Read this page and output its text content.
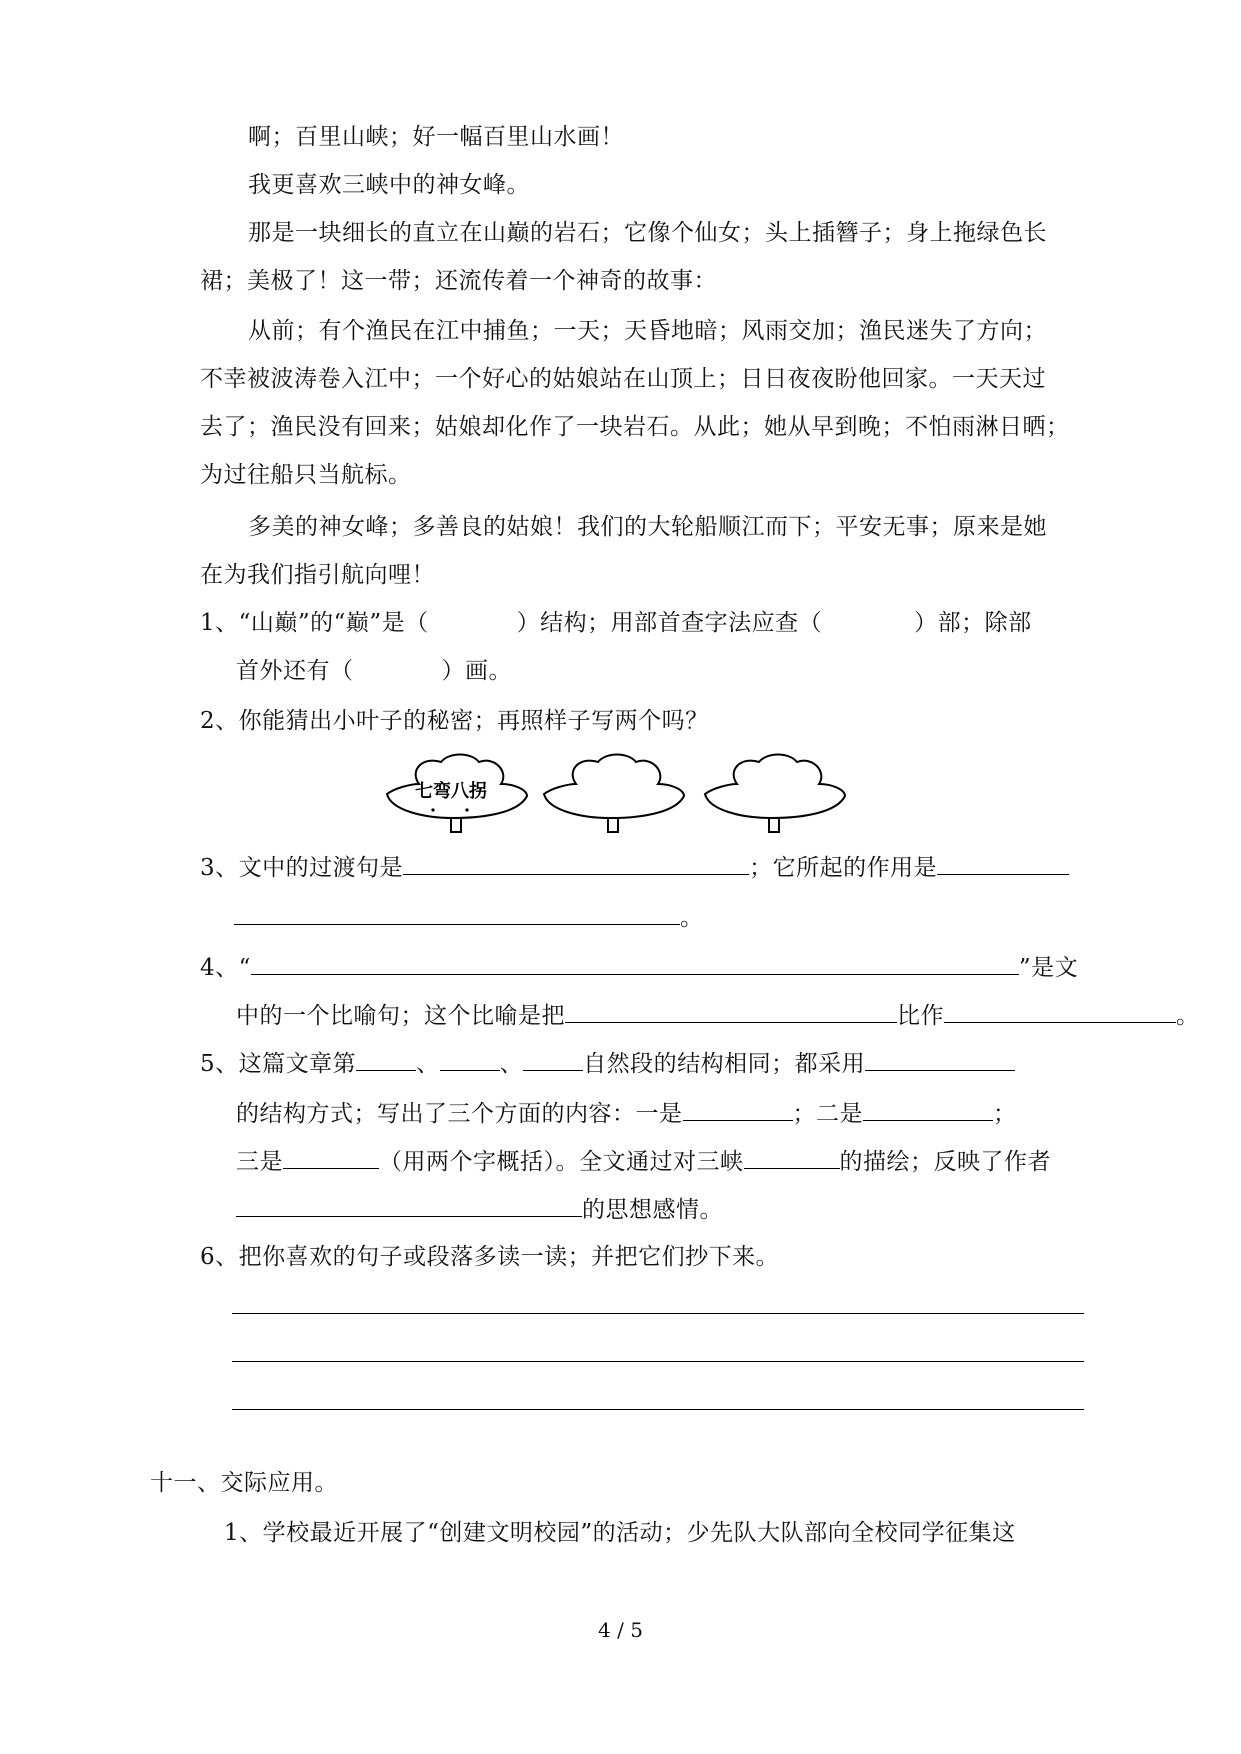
啊；百里山峡；好一幅百里山水画！
我更喜欢三峡中的神女峰。
那是一块细长的直立在山巅的岩石；它像个仙女；头上插簪子；身上拖绿色长
裙；美极了！这一带；还流传着一个神奇的故事：
从前；有个渔民在江中捕鱼；一天；天昏地暗；风雨交加；渔民迷失了方向；
不幸被波涛卷入江中；一个好心的姑娘站在山顶上；日日夜夜盼他回家。一天天过
去了；渔民没有回来；姑娘却化作了一块岩石。从此；她从早到晚；不怕雨淋日晒；
为过往船只当航标。
多美的神女峰；多善良的姑娘！我们的大轮船顺江而下；平安无事；原来是她
在为我们指引航向哩！
1、“山巅”的“巅”是（	）结构；用部首查字法应查（	）部；除部
首外还有（	）画。
2、你能猜出小叶子的秘密；再照样子写两个吗？
七弯八拐
3、文中的过渡句是	；它所起的作用是
。
4、“	”是文
中的一个比喻句；这个比喻是把	比作	。
5、这篇文章第	、	、	自然段的结构相同；都采用
的结构方式；写出了三个方面的内容：一是	；二是	；
三是	（用两个字概括）。全文通过对三峡	的描绘；反映了作者
的思想感情。
6、把你喜欢的句子或段落多读一读；并把它们抄下来。
十一、交际应用。
1、学校最近开展了“创建文明校园”的活动；少先队大队部向全校同学征集这
4 / 5
